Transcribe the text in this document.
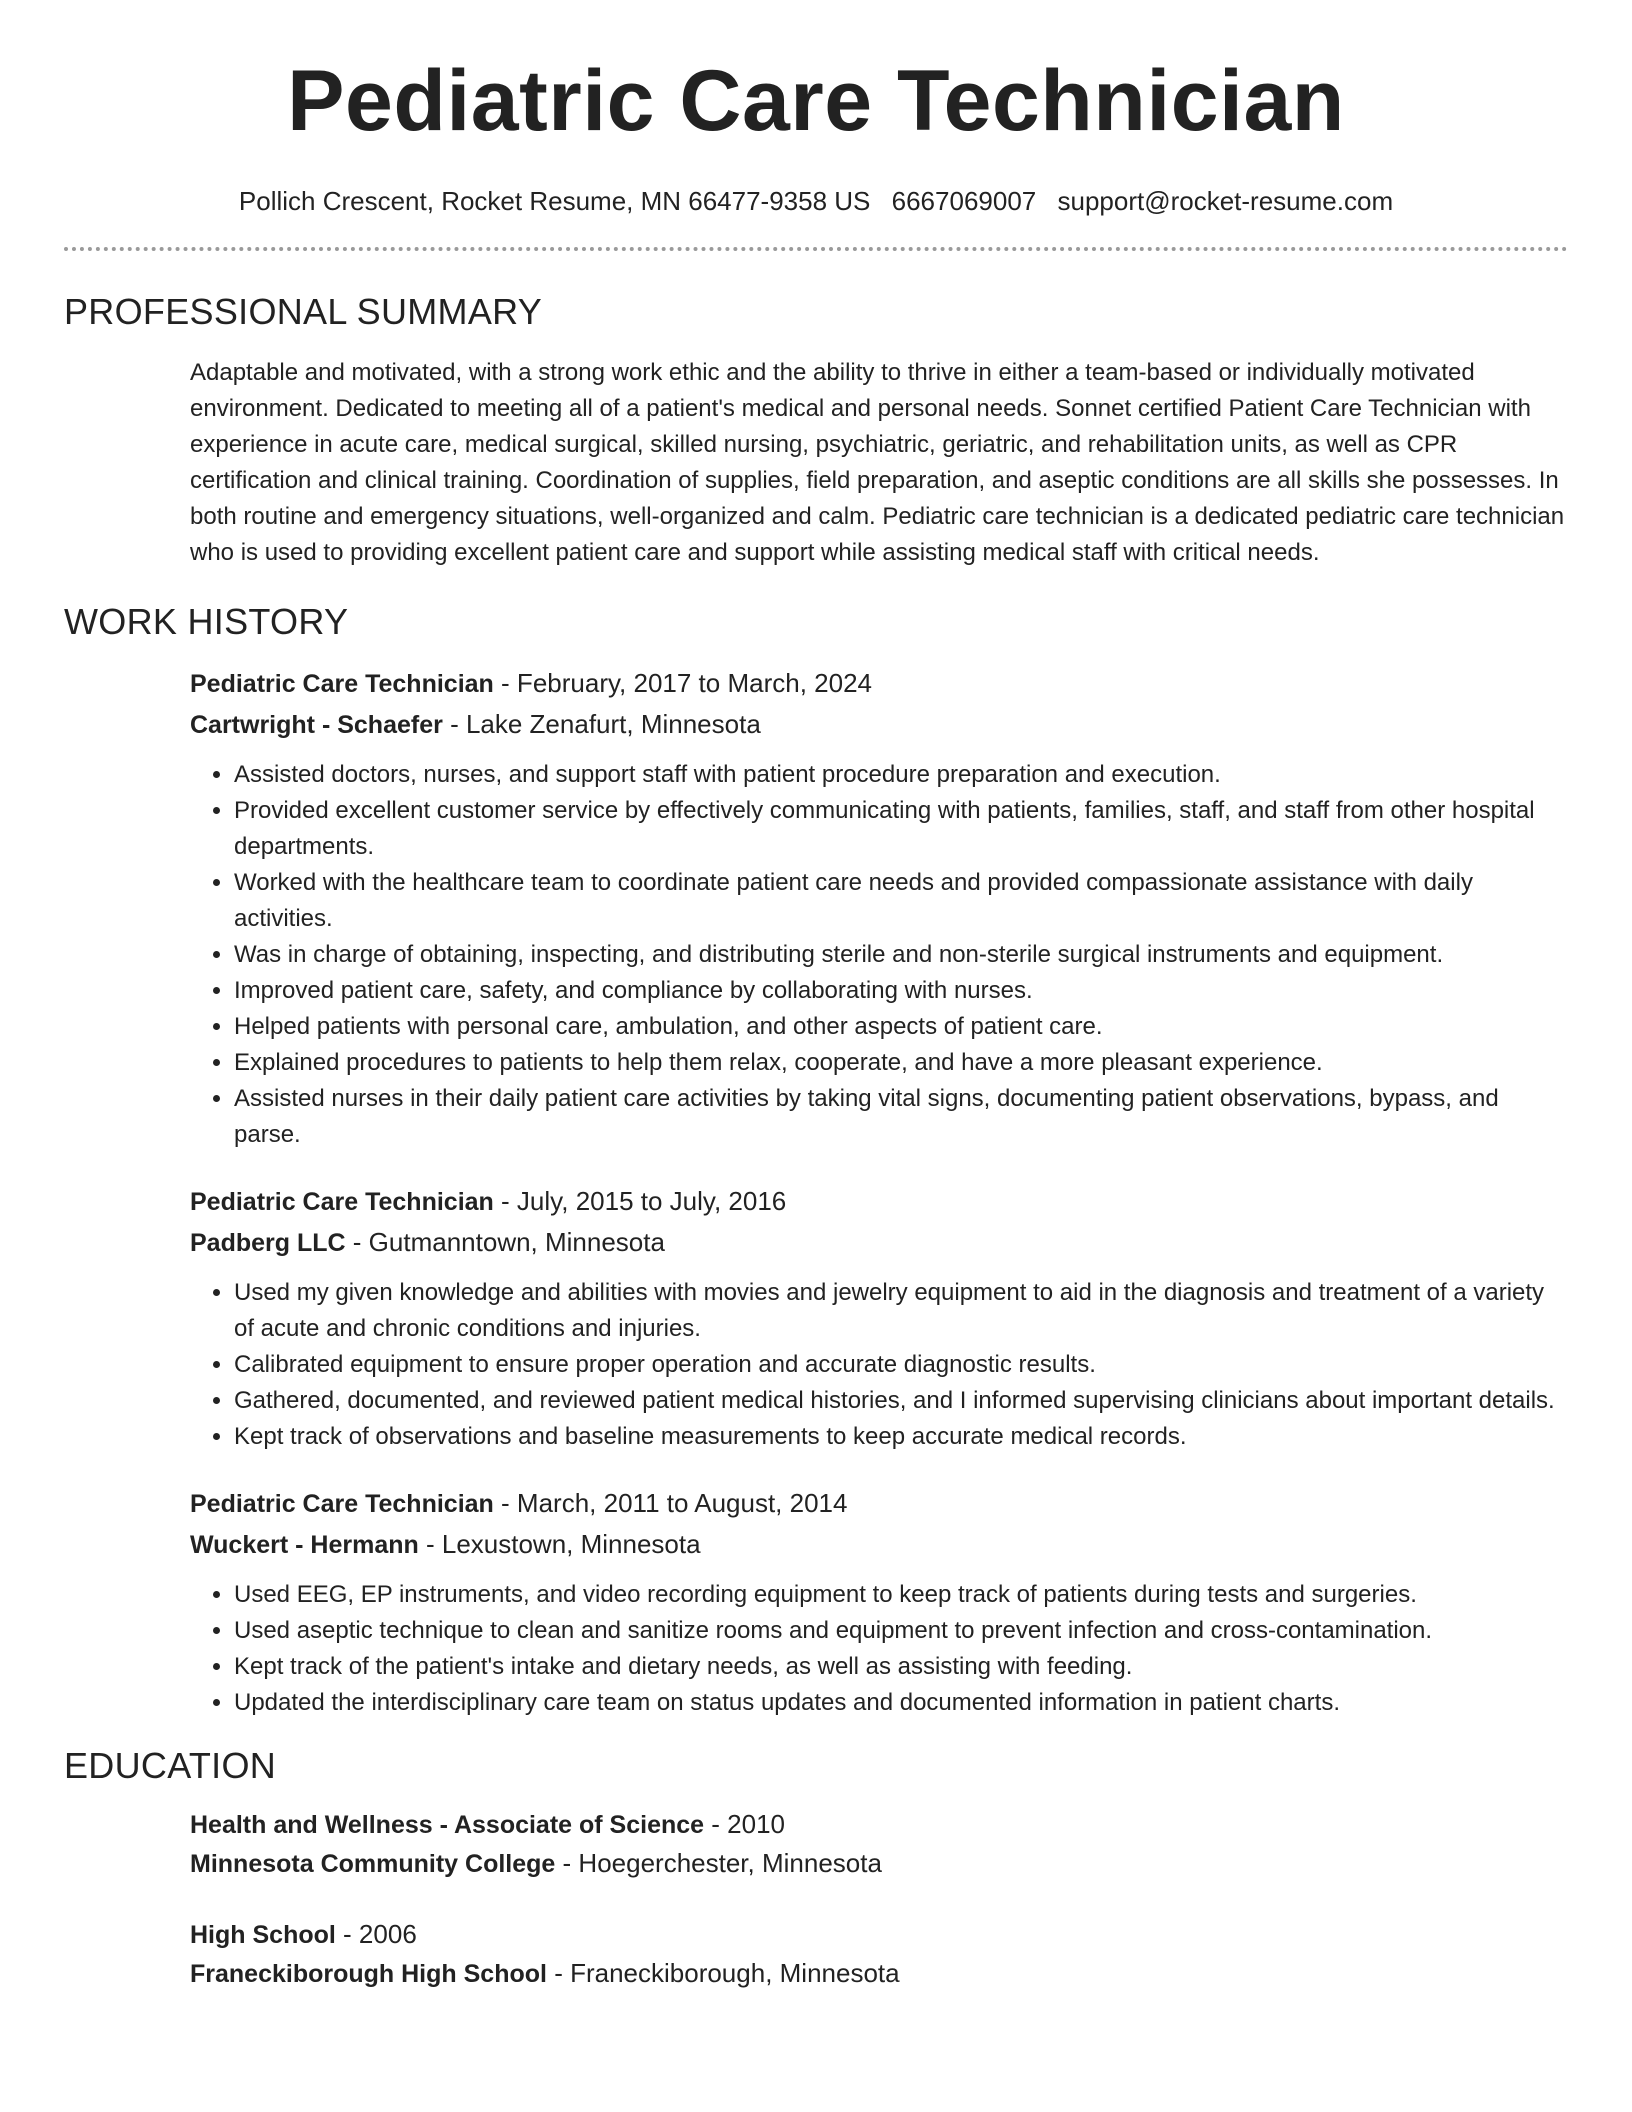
Pediatric Care Technician
Pollich Crescent, Rocket Resume, MN 66477-9358 US 6667069007 support@rocket-resume.com
PROFESSIONAL SUMMARY

Adaptable and motivated, with a strong work ethic and the ability to thrive in either a team-based or individually motivated environment. Dedicated to meeting all of a patient's medical and personal needs. Sonnet certified Patient Care Technician with experience in acute care, medical surgical, skilled nursing, psychiatric, geriatric, and rehabilitation units, as well as CPR certification and clinical training. Coordination of supplies, field preparation, and aseptic conditions are all skills she possesses. In both routine and emergency situations, well-organized and calm. Pediatric care technician is a dedicated pediatric care technician who is used to providing excellent patient care and support while assisting medical staff with critical needs.

WORK HISTORY
Pediatric Care Technician - February, 2017 to March, 2024
Cartwright - Schaefer - Lake Zenafurt, Minnesota
• Assisted doctors, nurses, and support staff with patient procedure preparation and execution.
• Provided excellent customer service by effectively communicating with patients, families, staff, and staff from other hospital departments.
• Worked with the healthcare team to coordinate patient care needs and provided compassionate assistance with daily activities.
• Was in charge of obtaining, inspecting, and distributing sterile and non-sterile surgical instruments and equipment.
• Improved patient care, safety, and compliance by collaborating with nurses.
• Helped patients with personal care, ambulation, and other aspects of patient care.
• Explained procedures to patients to help them relax, cooperate, and have a more pleasant experience.
• Assisted nurses in their daily patient care activities by taking vital signs, documenting patient observations, bypass, and parse.
Pediatric Care Technician - July, 2015 to July, 2016
Padberg LLC - Gutmanntown, Minnesota
• Used my given knowledge and abilities with movies and jewelry equipment to aid in the diagnosis and treatment of a variety of acute and chronic conditions and injuries.
• Calibrated equipment to ensure proper operation and accurate diagnostic results.
• Gathered, documented, and reviewed patient medical histories, and I informed supervising clinicians about important details.
• Kept track of observations and baseline measurements to keep accurate medical records.
Pediatric Care Technician - March, 2011 to August, 2014
Wuckert - Hermann - Lexustown, Minnesota
• Used EEG, EP instruments, and video recording equipment to keep track of patients during tests and surgeries.
• Used aseptic technique to clean and sanitize rooms and equipment to prevent infection and cross-contamination.
• Kept track of the patient's intake and dietary needs, as well as assisting with feeding.
• Updated the interdisciplinary care team on status updates and documented information in patient charts.
EDUCATION
Health and Wellness - Associate of Science - 2010
Minnesota Community College - Hoegerchester, Minnesota
High School - 2006
Franeckiborough High School - Franeckiborough, Minnesota
